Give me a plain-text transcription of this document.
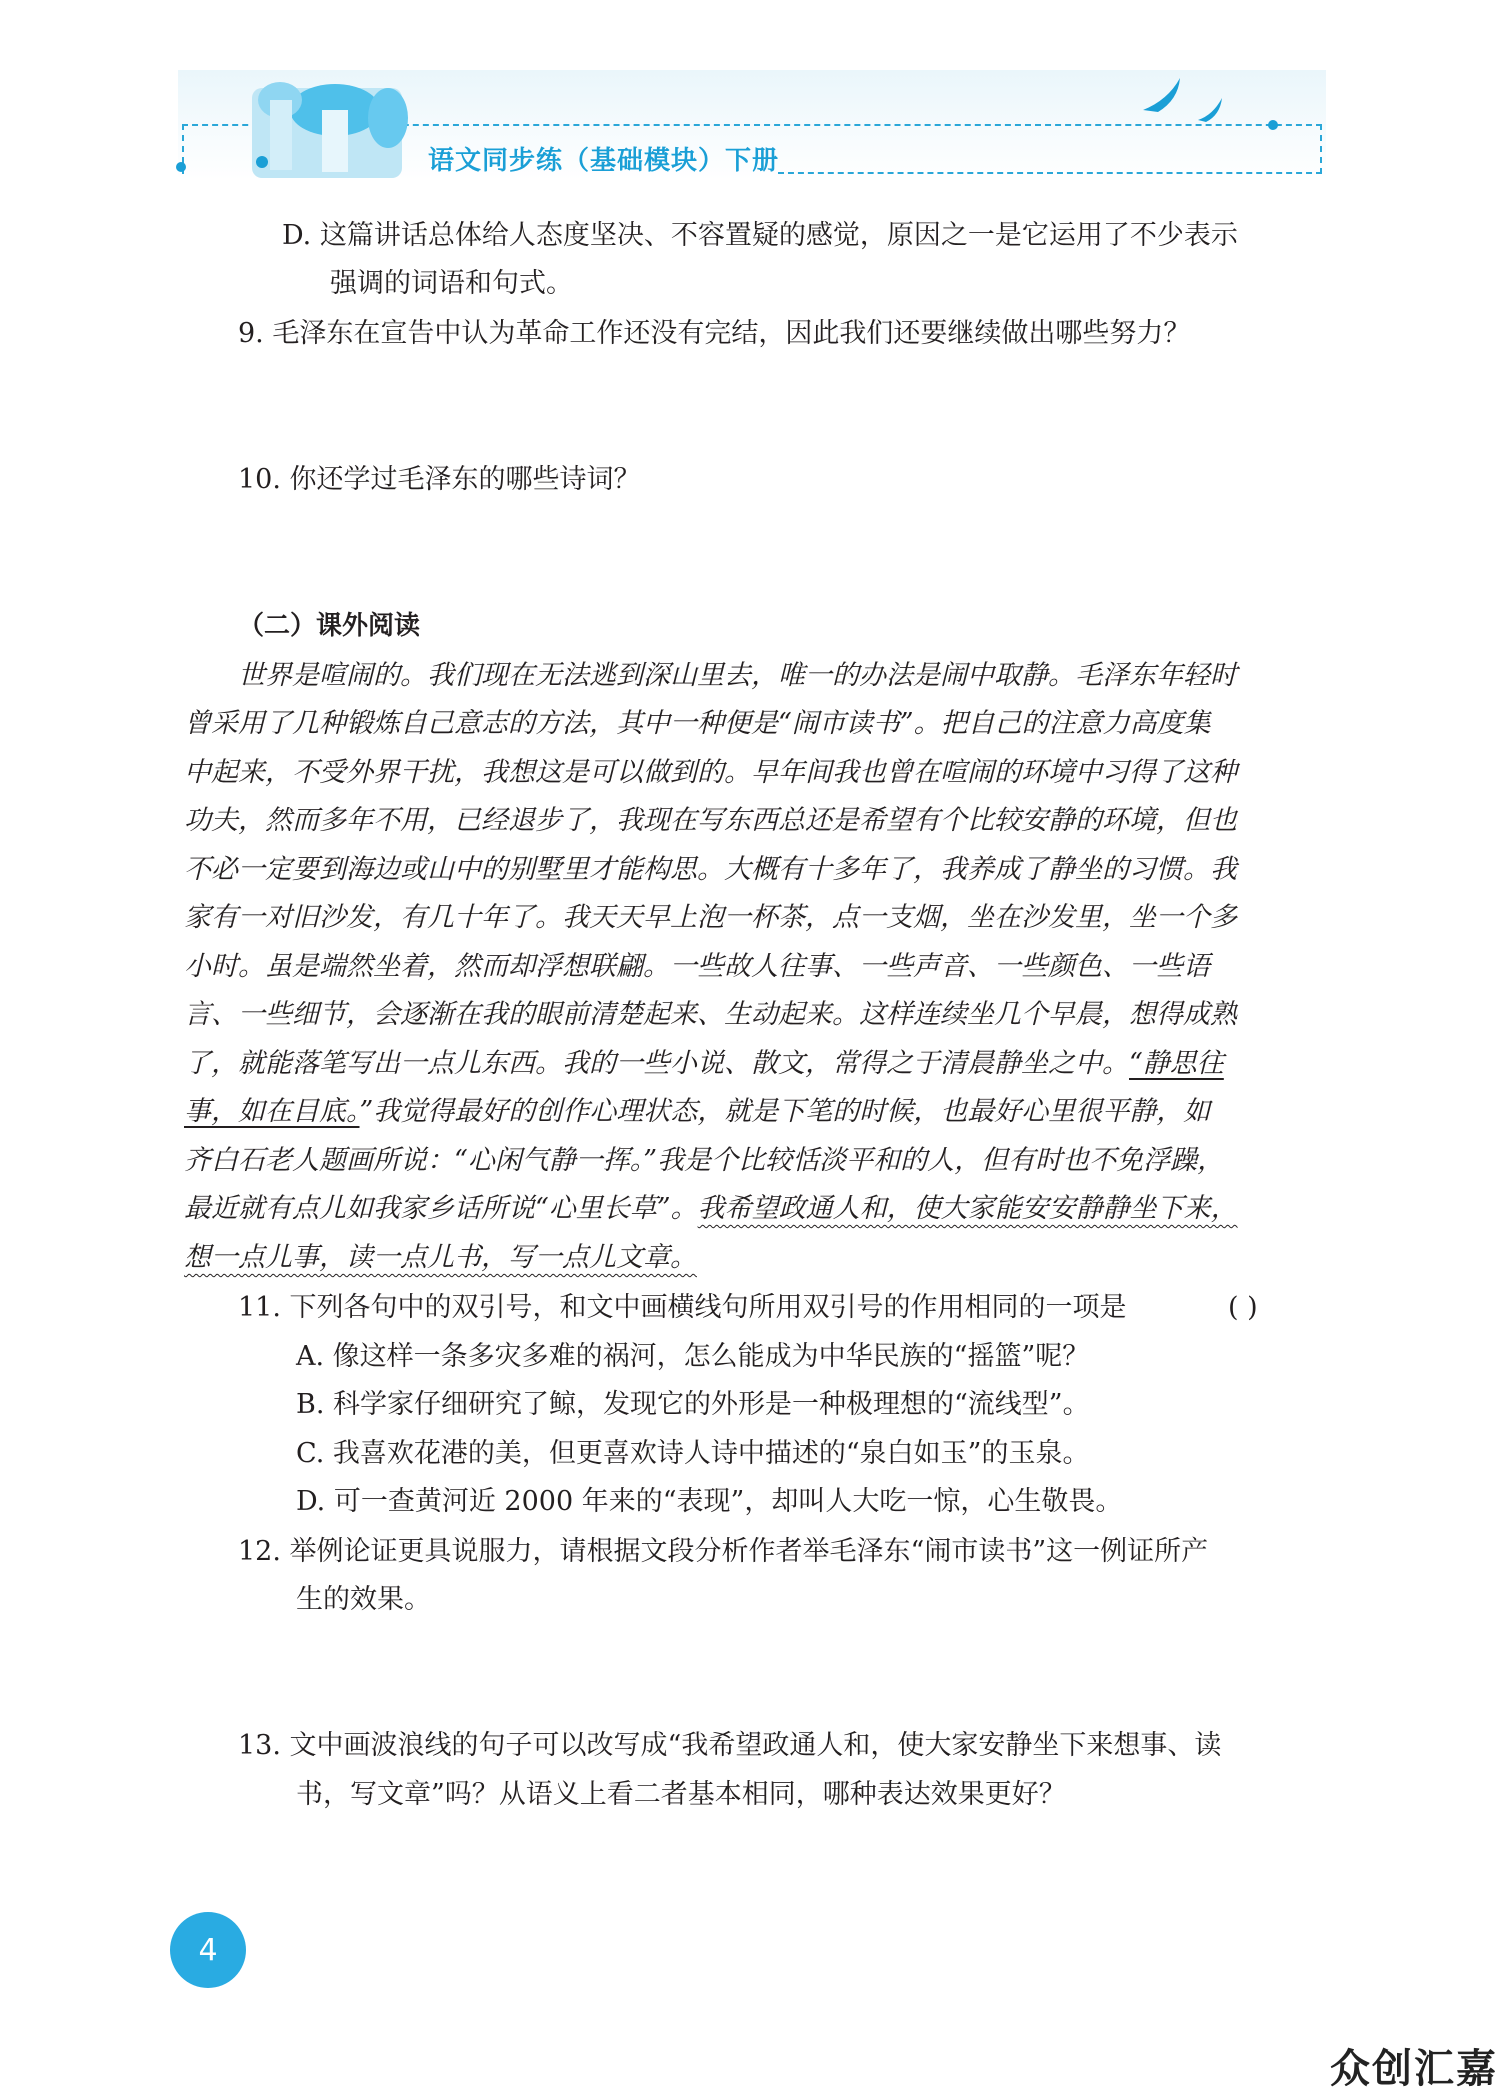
语文同步练（基础模块）下册
D. 这篇讲话总体给人态度坚决、不容置疑的感觉，原因之一是它运用了不少表示
强调的词语和句式。
9. 毛泽东在宣告中认为革命工作还没有完结，因此我们还要继续做出哪些努力？
10. 你还学过毛泽东的哪些诗词？
（二）课外阅读
世界是喧闹的。我们现在无法逃到深山里去，唯一的办法是闹中取静。毛泽东年轻时
曾采用了几种锻炼自己意志的方法，其中一种便是“闹市读书”。把自己的注意力高度集
中起来，不受外界干扰，我想这是可以做到的。早年间我也曾在喧闹的环境中习得了这种
功夫，然而多年不用，已经退步了，我现在写东西总还是希望有个比较安静的环境，但也
不必一定要到海边或山中的别墅里才能构思。大概有十多年了，我养成了静坐的习惯。我
家有一对旧沙发，有几十年了。我天天早上泡一杯茶，点一支烟，坐在沙发里，坐一个多
小时。虽是端然坐着，然而却浮想联翩。一些故人往事、一些声音、一些颜色、一些语
言、一些细节，会逐渐在我的眼前清楚起来、生动起来。这样连续坐几个早晨，想得成熟
了，就能落笔写出一点儿东西。我的一些小说、散文，常得之于清晨静坐之中。“静思往
事，如在目底。”我觉得最好的创作心理状态，就是下笔的时候，也最好心里很平静，如
齐白石老人题画所说：“心闲气静一挥。”我是个比较恬淡平和的人，但有时也不免浮躁，
最近就有点儿如我家乡话所说“心里长草”。我希望政通人和，使大家能安安静静坐下来，
想一点儿事，读一点儿书，写一点儿文章。
11. 下列各句中的双引号，和文中画横线句所用双引号的作用相同的一项是	( )
A. 像这样一条多灾多难的祸河，怎么能成为中华民族的“摇篮”呢？
B. 科学家仔细研究了鲸，发现它的外形是一种极理想的“流线型”。
C. 我喜欢花港的美，但更喜欢诗人诗中描述的“泉白如玉”的玉泉。
D. 可一查黄河近 2000 年来的“表现”，却叫人大吃一惊，心生敬畏。
12. 举例论证更具说服力，请根据文段分析作者举毛泽东“闹市读书”这一例证所产
生的效果。
13. 文中画波浪线的句子可以改写成“我希望政通人和，使大家安静坐下来想事、读
书，写文章”吗？从语义上看二者基本相同，哪种表达效果更好？
4
众创汇嘉
